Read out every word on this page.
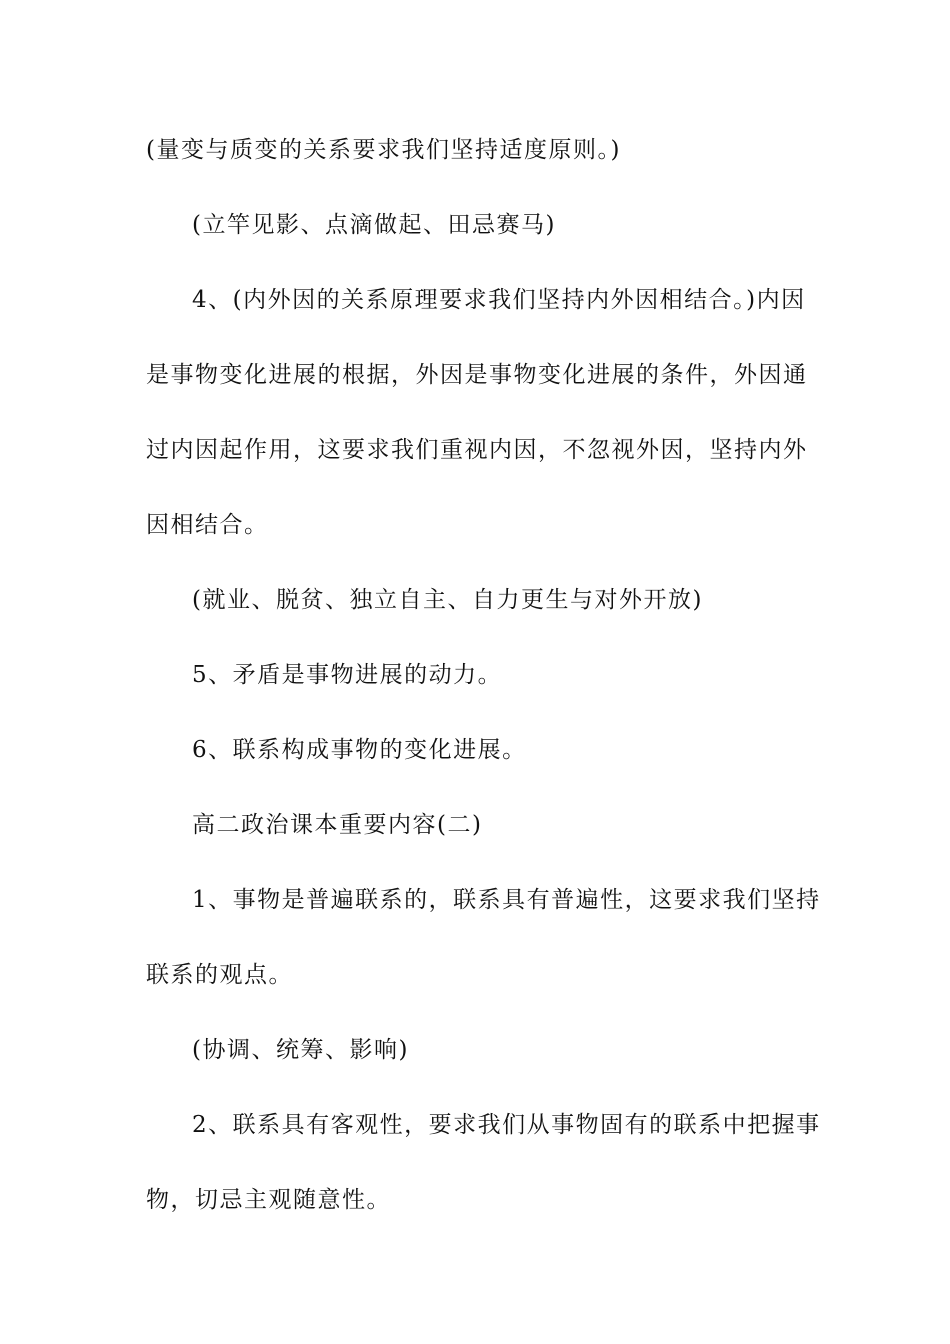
(量变与质变的关系要求我们坚持适度原则。)
(立竿见影、点滴做起、田忌赛马)
4、(内外因的关系原理要求我们坚持内外因相结合。)内因
是事物变化进展的根据，外因是事物变化进展的条件，外因通
过内因起作用，这要求我们重视内因，不忽视外因，坚持内外
因相结合。
(就业、脱贫、独立自主、自力更生与对外开放)
5、矛盾是事物进展的动力。
6、联系构成事物的变化进展。
高二政治课本重要内容(二)
1、事物是普遍联系的，联系具有普遍性，这要求我们坚持
联系的观点。
(协调、统筹、影响)
2、联系具有客观性，要求我们从事物固有的联系中把握事
物，切忌主观随意性。
